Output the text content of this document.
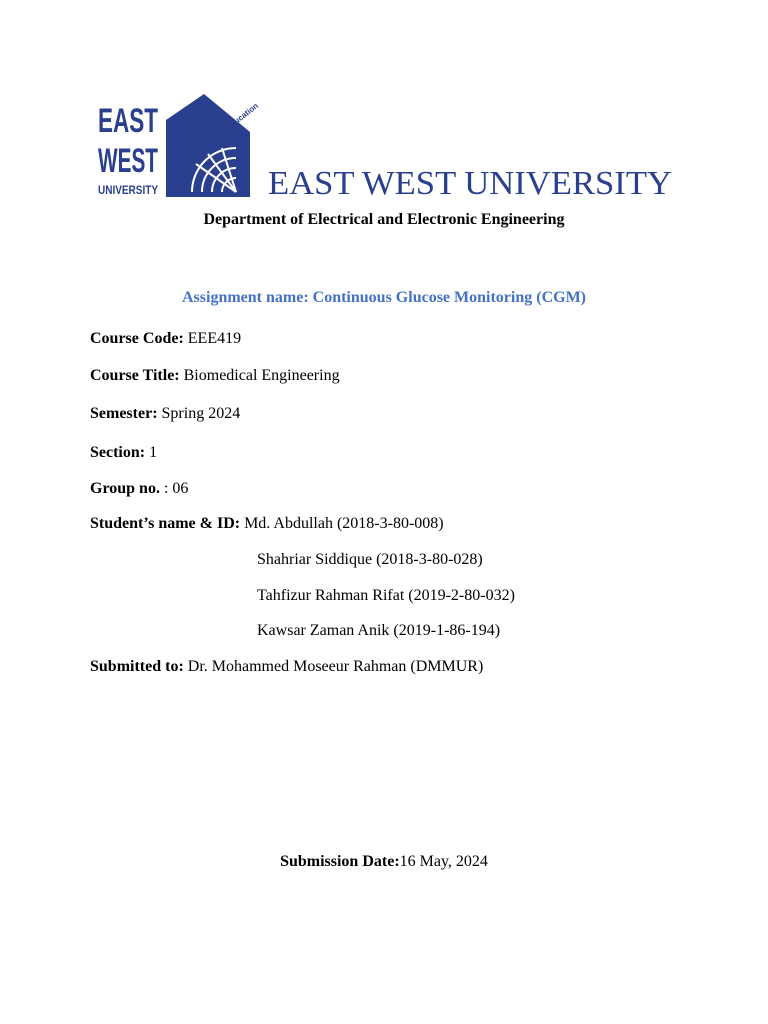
EAST
WEST
UNIVERSITY
excellence in education
EAST WEST UNIVERSITY
Department of Electrical and Electronic Engineering
Assignment name: Continuous Glucose Monitoring (CGM)
Course Code: EEE419
Course Title: Biomedical Engineering
Semester: Spring 2024
Section: 1
Group no. : 06
Student’s name & ID: Md. Abdullah (2018-3-80-008)
Shahriar Siddique (2018-3-80-028)
Tahfizur Rahman Rifat (2019-2-80-032)
Kawsar Zaman Anik (2019-1-86-194)
Submitted to: Dr. Mohammed Moseeur Rahman (DMMUR)
Submission Date:16 May, 2024
